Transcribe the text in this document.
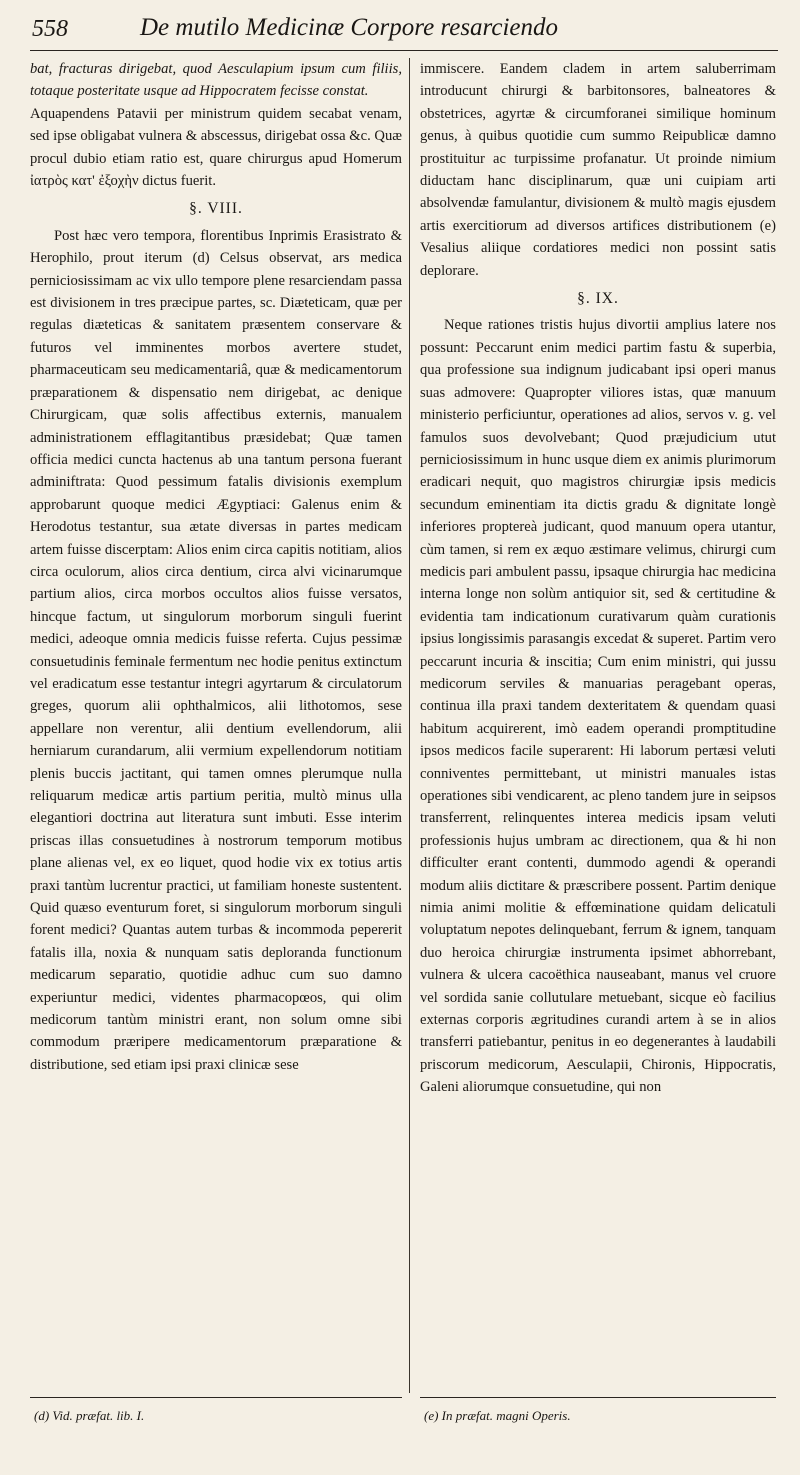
558	De mutilo Medicinæ Corpore resarciendo

bat, fracturas dirigebat, quod Aesculapium ipsum cum filiis, totaque posteritate usque ad Hippocratem fecisse constat.

Aquapendens Patavii per ministrum quidem secabat venam, sed ipse obligabat vulnera & abscessus, dirigebat ossa &c. Quæ procul dubio etiam ratio est, quare chirurgus apud Homerum ἰατρὸς κατ' ἐξοχὴν dictus fuerit.

§. VIII.

Post hæc vero tempora, florentibus Inprimis Erasistrato & Herophilo, prout iterum (d) Celsus observat, ars medica perniciosissimam ac vix ullo tempore plene resarciendam passa est divisionem in tres præcipue partes, sc. Diæteticam, quæ per regulas diæteticas & sanitatem præsentem conservare & futuros vel imminentes morbos avertere studet, pharmaceuticam seu medicamentariâ, quæ & medicamentorum præparationem & dispensatio nem dirigebat, ac denique Chirurgicam, quæ solis affectibus externis, manualem administrationem efflagitantibus præsidebat; Quæ tamen officia medici cuncta hactenus ab una tantum persona fuerant adminiftrata: Quod pessimum fatalis divisionis exemplum approbarunt quoque medici Ægyptiaci: Galenus enim & Herodotus testantur, sua ætate diversas in partes medicam artem fuisse discerptam: Alios enim circa capitis notitiam, alios circa oculorum, alios circa dentium, circa alvi vicinarumque partium alios, circa morbos occultos alios fuisse versatos, hincque factum, ut singulorum morborum singuli fuerint medici, adeoque omnia medicis fuisse referta. Cujus pessimæ consuetudinis feminale fermentum nec hodie penitus extinctum vel eradicatum esse testantur integri agyrtarum & circulatorum greges, quorum alii ophthalmicos, alii lithotomos, sese appellare non verentur, alii dentium evellendorum, alii herniarum curandarum, alii vermium expellendorum notitiam plenis buccis jactitant, qui tamen omnes plerumque nulla reliquarum medicæ artis partium peritia, multò minus ulla elegantiori doctrina aut literatura sunt imbuti. Esse interim priscas illas consuetudines à nostrorum temporum motibus plane alienas vel, ex eo liquet, quod hodie vix ex totius artis praxi tantùm lucrentur practici, ut familiam honeste sustentent. Quid quæso eventurum foret, si singulorum morborum singuli forent medici? Quantas autem turbas & incommoda pepererit fatalis illa, noxia & nunquam satis deploranda functionum medicarum separatio, quotidie adhuc cum suo damno experiuntur medici, videntes pharmacopœos, qui olim medicorum tantùm ministri erant, non solum omne sibi commodum præripere medicamentorum præparatione & distributione, sed etiam ipsi praxi clinicæ sese

immiscere. Eandem cladem in artem saluberrimam introducunt chirurgi & barbitonsores, balneatores & obstetrices, agyrtæ & circumforanei similique hominum genus, à quibus quotidie cum summo Reipublicæ damno prostituitur ac turpissime profanatur. Ut proinde nimium diductam hanc disciplinarum, quæ uni cuipiam arti absolvendæ famulantur, divisionem & multò magis ejusdem artis exercitiorum ad diversos artifices distributionem (e) Vesalius aliique cordatiores medici non possint satis deplorare.

§. IX.

Neque rationes tristis hujus divortii amplius latere nos possunt: Peccarunt enim medici partim fastu & superbia, qua professione sua indignum judicabant ipsi operi manus suas admovere: Quapropter viliores istas, quæ manuum ministerio perficiuntur, operationes ad alios, servos v. g. vel famulos suos devolvebant; Quod præjudicium utut perniciosissimum in hunc usque diem ex animis plurimorum eradicari nequit, quo magistros chirurgiæ ipsis medicis secundum eminentiam ita dictis gradu & dignitate longè inferiores proptereà judicant, quod manuum opera utantur, cùm tamen, si rem ex æquo æstimare velimus, chirurgi cum medicis pari ambulent passu, ipsaque chirurgia hac medicina interna longe non solùm antiquior sit, sed & certitudine & evidentia tam indicationum curativarum quàm curationis ipsius longissimis parasangis excedat & superet. Partim vero peccarunt incuria & inscitia; Cum enim ministri, qui jussu medicorum serviles & manuarias peragebant operas, continua illa praxi tandem dexteritatem & quendam quasi habitum acquirerent, imò eadem operandi promptitudine ipsos medicos facile superarent: Hi laborum pertæsi veluti conniventes permittebant, ut ministri manuales istas operationes sibi vendicarent, ac pleno tandem jure in seipsos transferrent, relinquentes interea medicis ipsam veluti professionis hujus umbram ac directionem, qua & hi non difficulter erant contenti, dummodo agendi & operandi modum aliis dictitare & præscribere possent. Partim denique nimia animi molitie & effœminatione quidam delicatuli voluptatum nepotes delinquebant, ferrum & ignem, tanquam duo heroica chirurgiæ instrumenta ipsimet abhorrebant, vulnera & ulcera cacoëthica nauseabant, manus vel cruore vel sordida sanie collutulare metuebant, sicque eò facilius externas corporis ægritudines curandi artem à se in alios transferri patiebantur, penitus in eo degenerantes à laudabili priscorum medicorum, Aesculapii, Chironis, Hippocratis, Galeni aliorumque consuetudine, qui non

(d) Vid. præfat. lib. I.	(e) In præfat. magni Operis.
